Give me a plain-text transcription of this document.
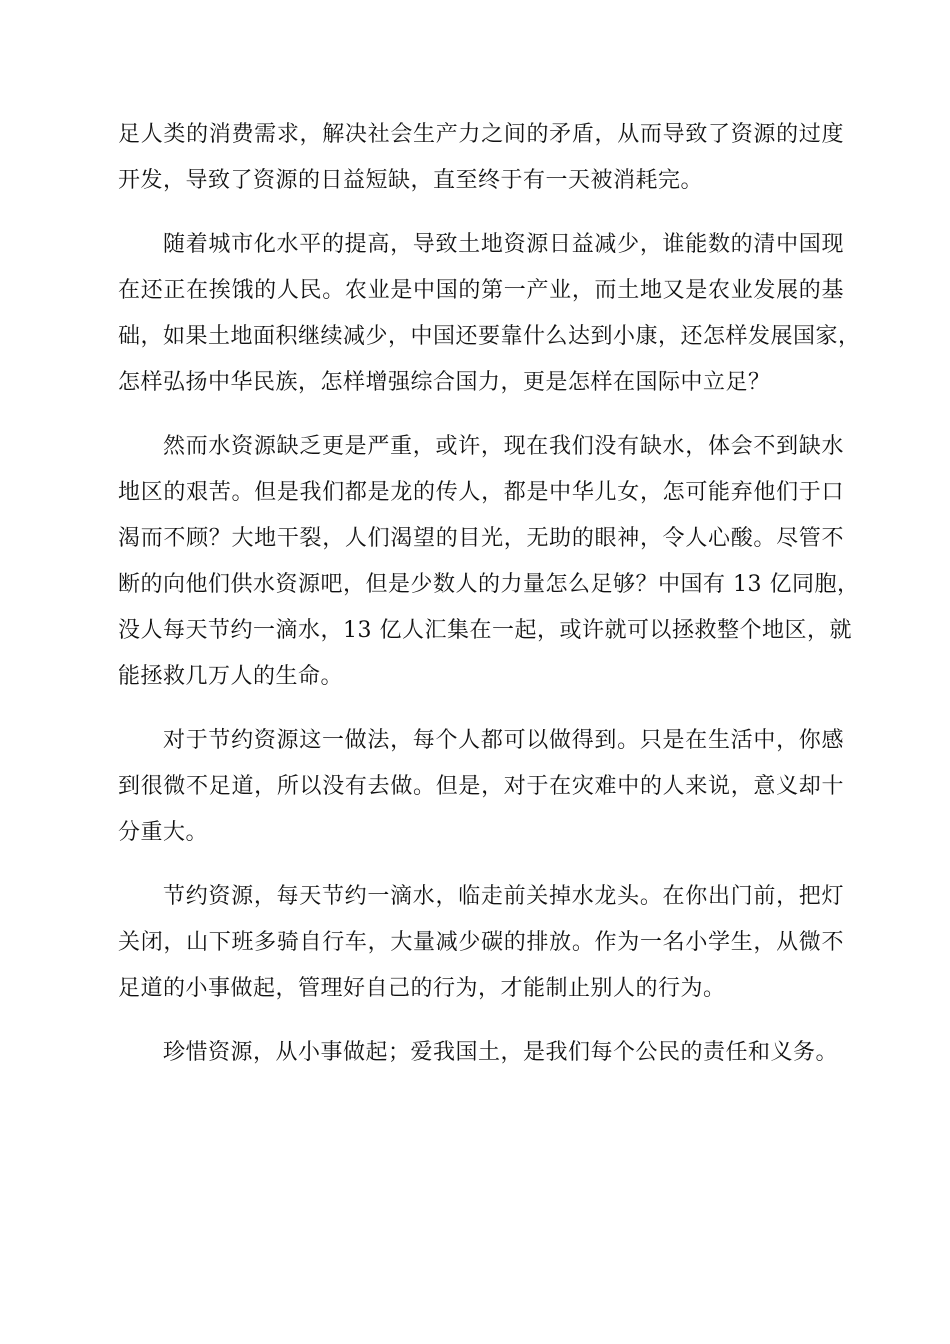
足人类的消费需求，解决社会生产力之间的矛盾，从而导致了资源的过度
开发，导致了资源的日益短缺，直至终于有一天被消耗完。
随着城市化水平的提高，导致土地资源日益减少，谁能数的清中国现
在还正在挨饿的人民。农业是中国的第一产业，而土地又是农业发展的基
础，如果土地面积继续减少，中国还要靠什么达到小康，还怎样发展国家，
怎样弘扬中华民族，怎样增强综合国力，更是怎样在国际中立足？
然而水资源缺乏更是严重，或许，现在我们没有缺水，体会不到缺水
地区的艰苦。但是我们都是龙的传人，都是中华儿女，怎可能弃他们于口
渴而不顾？大地干裂，人们渴望的目光，无助的眼神，令人心酸。尽管不
断的向他们供水资源吧，但是少数人的力量怎么足够？中国有 13 亿同胞，
没人每天节约一滴水，13 亿人汇集在一起，或许就可以拯救整个地区，就
能拯救几万人的生命。
对于节约资源这一做法，每个人都可以做得到。只是在生活中，你感
到很微不足道，所以没有去做。但是，对于在灾难中的人来说，意义却十
分重大。
节约资源，每天节约一滴水，临走前关掉水龙头。在你出门前，把灯
关闭，山下班多骑自行车，大量减少碳的排放。作为一名小学生，从微不
足道的小事做起，管理好自己的行为，才能制止别人的行为。
珍惜资源，从小事做起；爱我国土，是我们每个公民的责任和义务。
